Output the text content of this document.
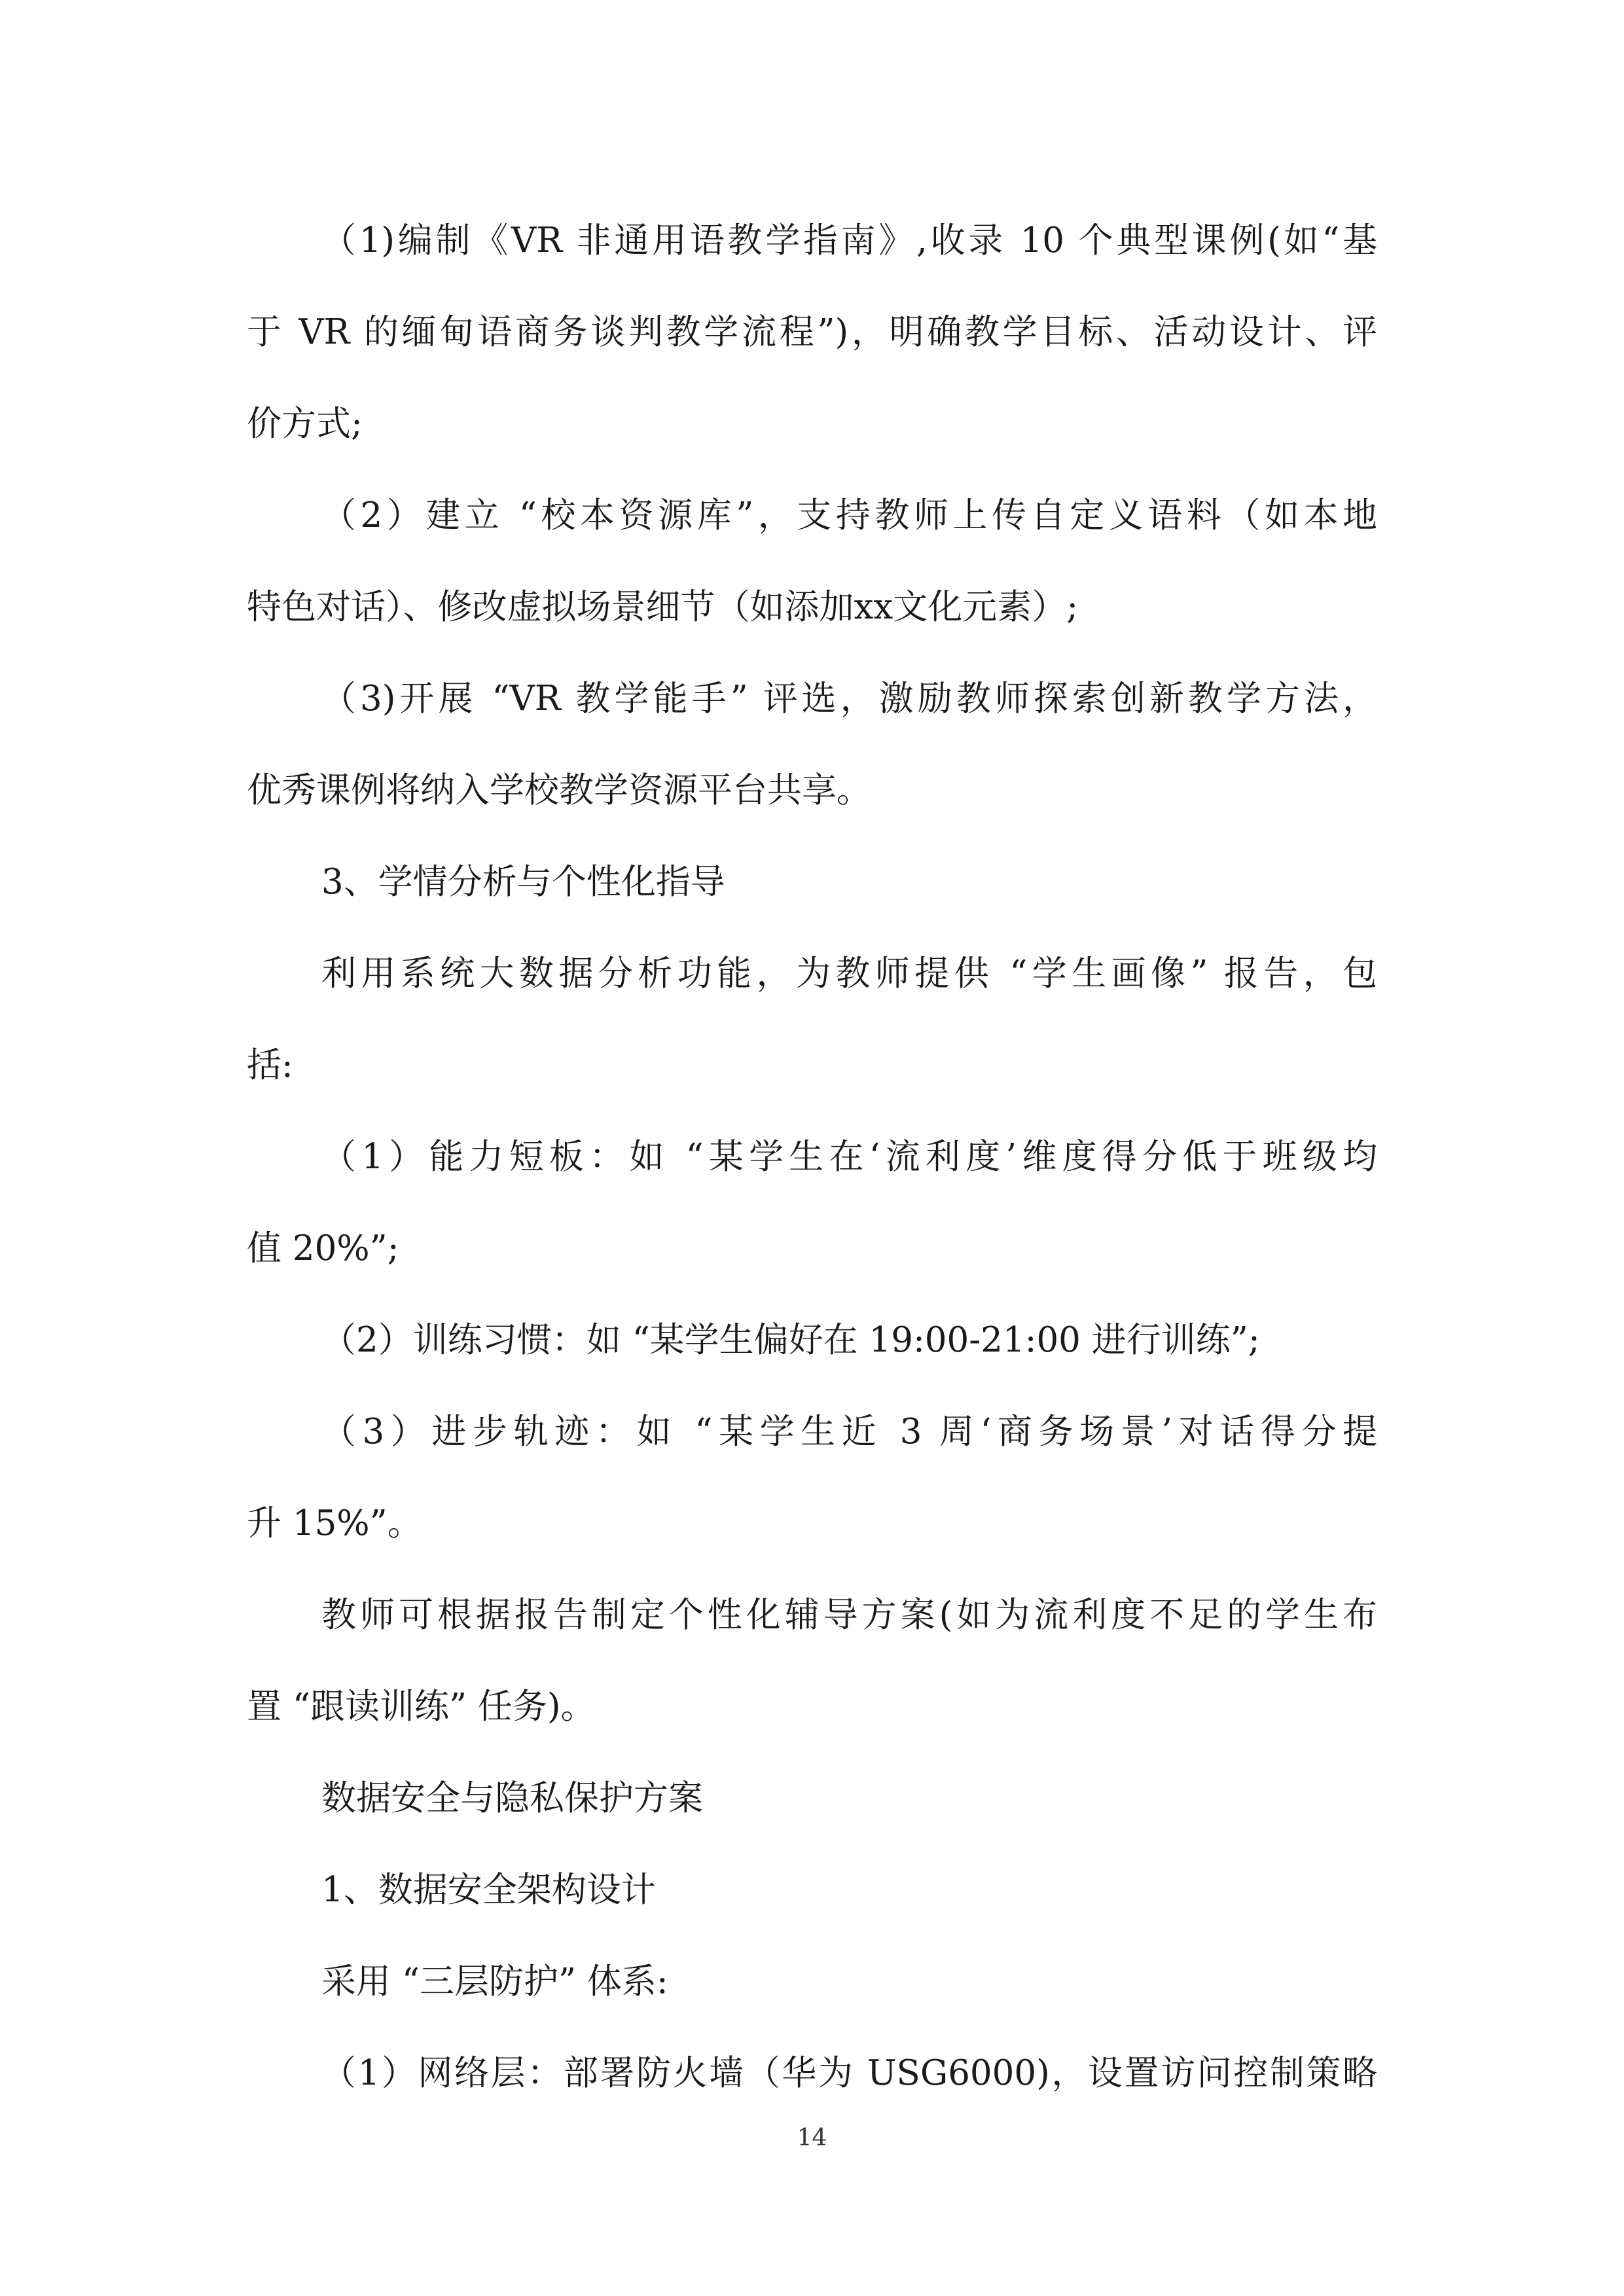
（1)编制《VR 非通用语教学指南》,收录 10 个典型课例(如“基
于 VR 的缅甸语商务谈判教学流程”)，明确教学目标、活动设计、评
价方式;
（2）建立 “校本资源库”，支持教师上传自定义语料（如本地
特色对话）、修改虚拟场景细节（如添加xx文化元素）;
（3)开展 “VR 教学能手” 评选，激励教师探索创新教学方法，
优秀课例将纳入学校教学资源平台共享。
3、学情分析与个性化指导
利用系统大数据分析功能，为教师提供 “学生画像” 报告，包
括:
（1）能力短板：如 “某学生在‘流利度’维度得分低于班级均
值 20%”;
（2）训练习惯：如 “某学生偏好在 19:00-21:00 进行训练”;
（3）进步轨迹：如 “某学生近 3 周‘商务场景’对话得分提
升 15%”。
教师可根据报告制定个性化辅导方案(如为流利度不足的学生布
置 “跟读训练” 任务)。
数据安全与隐私保护方案
1、数据安全架构设计
采用 “三层防护” 体系:
（1）网络层：部署防火墙（华为 USG6000)，设置访问控制策略
14
